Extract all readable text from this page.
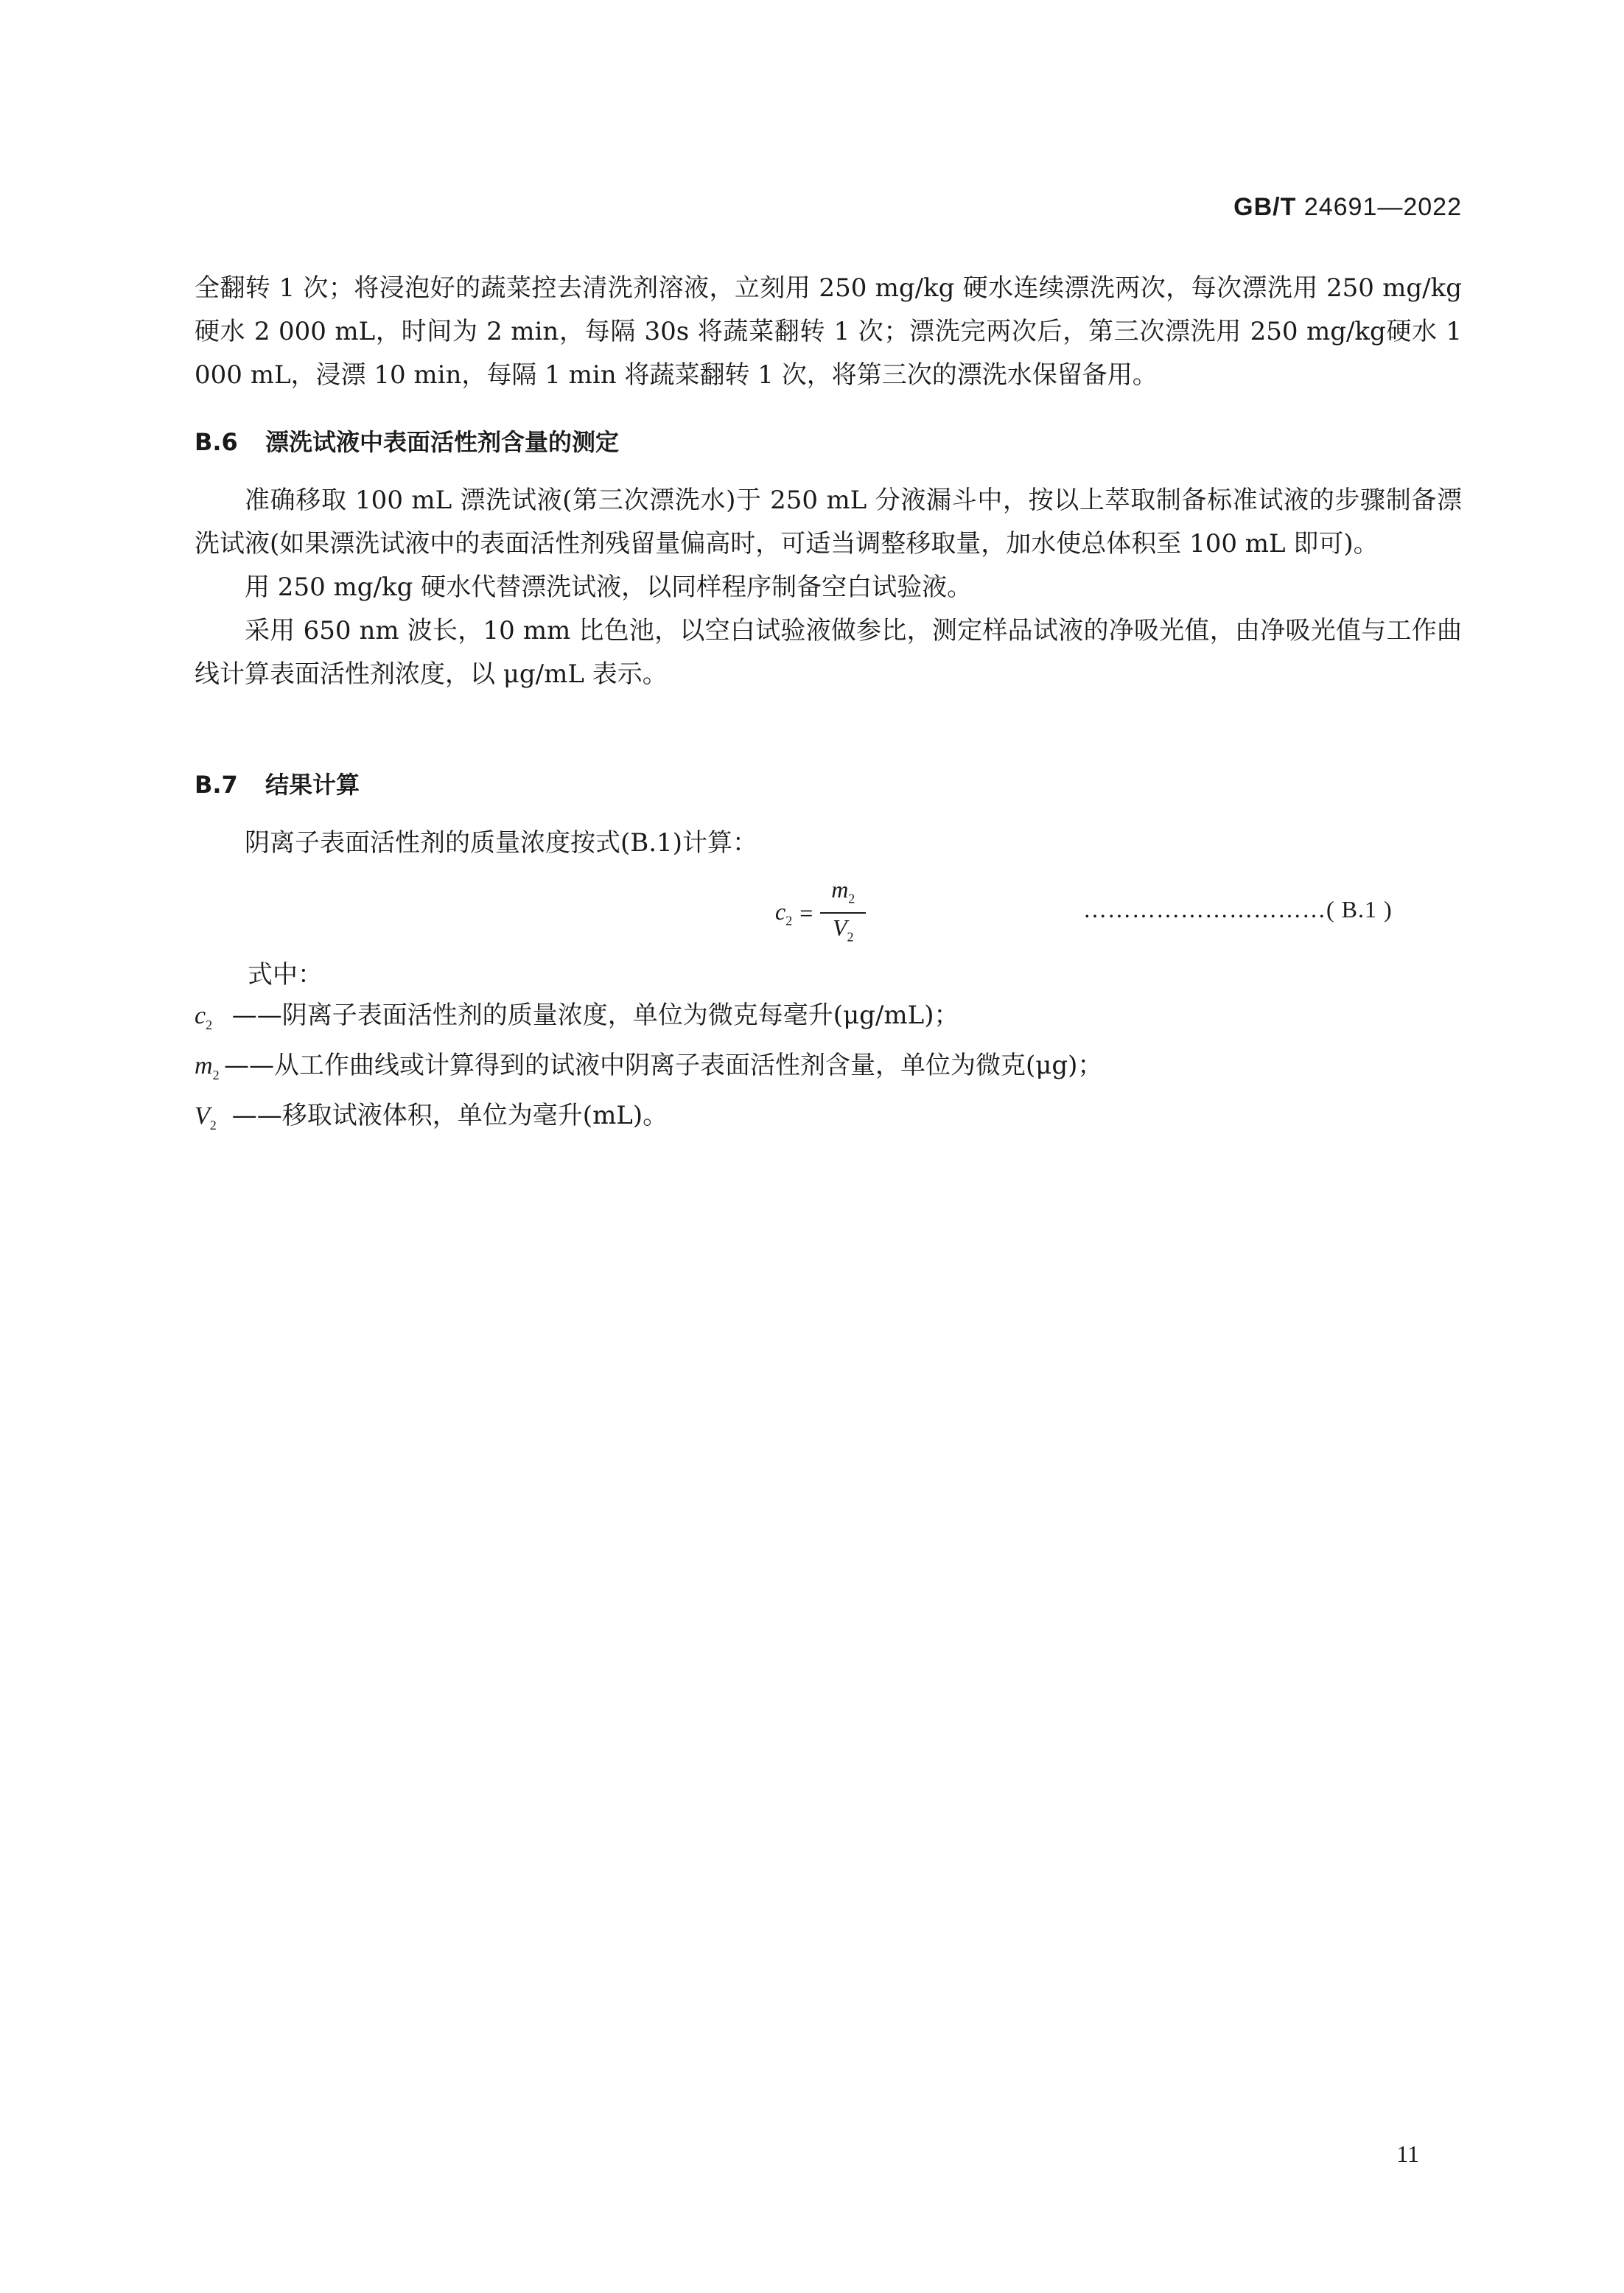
GB/T 24691—2022

全翻转 1 次；将浸泡好的蔬菜控去清洗剂溶液，立刻用 250 mg/kg 硬水连续漂洗两次，每次漂洗用 250 mg/kg硬水 2 000 mL，时间为 2 min，每隔 30s 将蔬菜翻转 1 次；漂洗完两次后，第三次漂洗用 250 mg/kg硬水 1 000 mL，浸漂 10 min，每隔 1 min 将蔬菜翻转 1 次，将第三次的漂洗水保留备用。

B.6 漂洗试液中表面活性剂含量的测定

准确移取 100 mL 漂洗试液(第三次漂洗水)于 250 mL 分液漏斗中，按以上萃取制备标准试液的步骤制备漂洗试液(如果漂洗试液中的表面活性剂残留量偏高时，可适当调整移取量，加水使总体积至 100 mL 即可)。

用 250 mg/kg 硬水代替漂洗试液，以同样程序制备空白试验液。

采用 650 nm 波长，10 mm 比色池，以空白试验液做参比，测定样品试液的净吸光值，由净吸光值与工作曲线计算表面活性剂浓度，以 μg/mL 表示。

B.7 结果计算

阴离子表面活性剂的质量浓度按式(B.1)计算：

$c_2 = \frac{m_2}{V_2}$	…………………………( B.1 )
式中：
$c_2$ ——阴离子表面活性剂的质量浓度，单位为微克每毫升(μg/mL)；
$m_2$ ——从工作曲线或计算得到的试液中阴离子表面活性剂含量，单位为微克(μg)；
$V_2$ ——移取试液体积，单位为毫升(mL)。
11
